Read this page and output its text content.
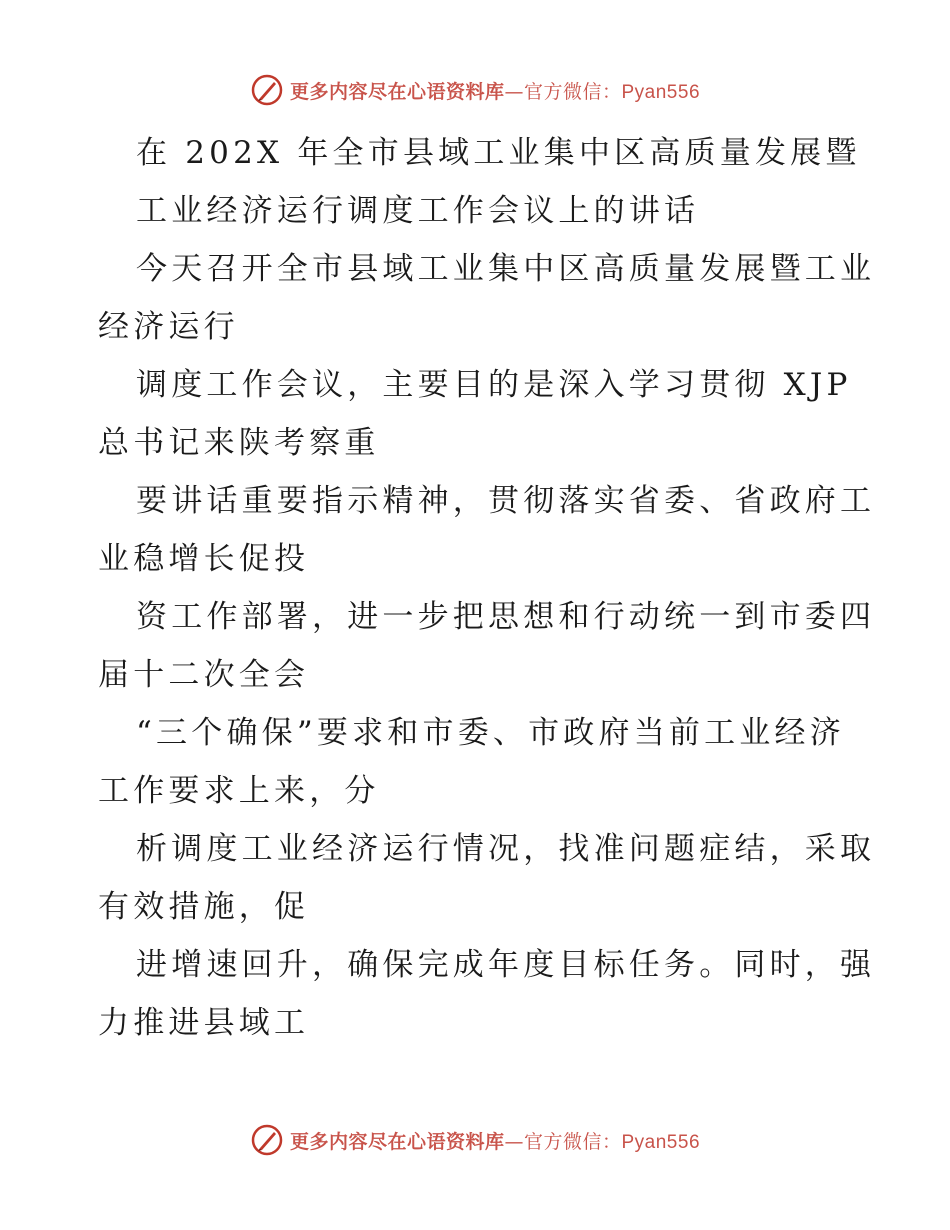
更多内容尽在心语资料库—官方微信：Pyan556
在 202X 年全市县域工业集中区高质量发展暨
工业经济运行调度工作会议上的讲话
今天召开全市县域工业集中区高质量发展暨工业
经济运行
调度工作会议，主要目的是深入学习贯彻 XJP
总书记来陕考察重
要讲话重要指示精神，贯彻落实省委、省政府工
业稳增长促投
资工作部署，进一步把思想和行动统一到市委四
届十二次全会
“三个确保”要求和市委、市政府当前工业经济
工作要求上来，分
析调度工业经济运行情况，找准问题症结，采取
有效措施，促
进增速回升，确保完成年度目标任务。同时，强
力推进县域工
更多内容尽在心语资料库—官方微信：Pyan556
